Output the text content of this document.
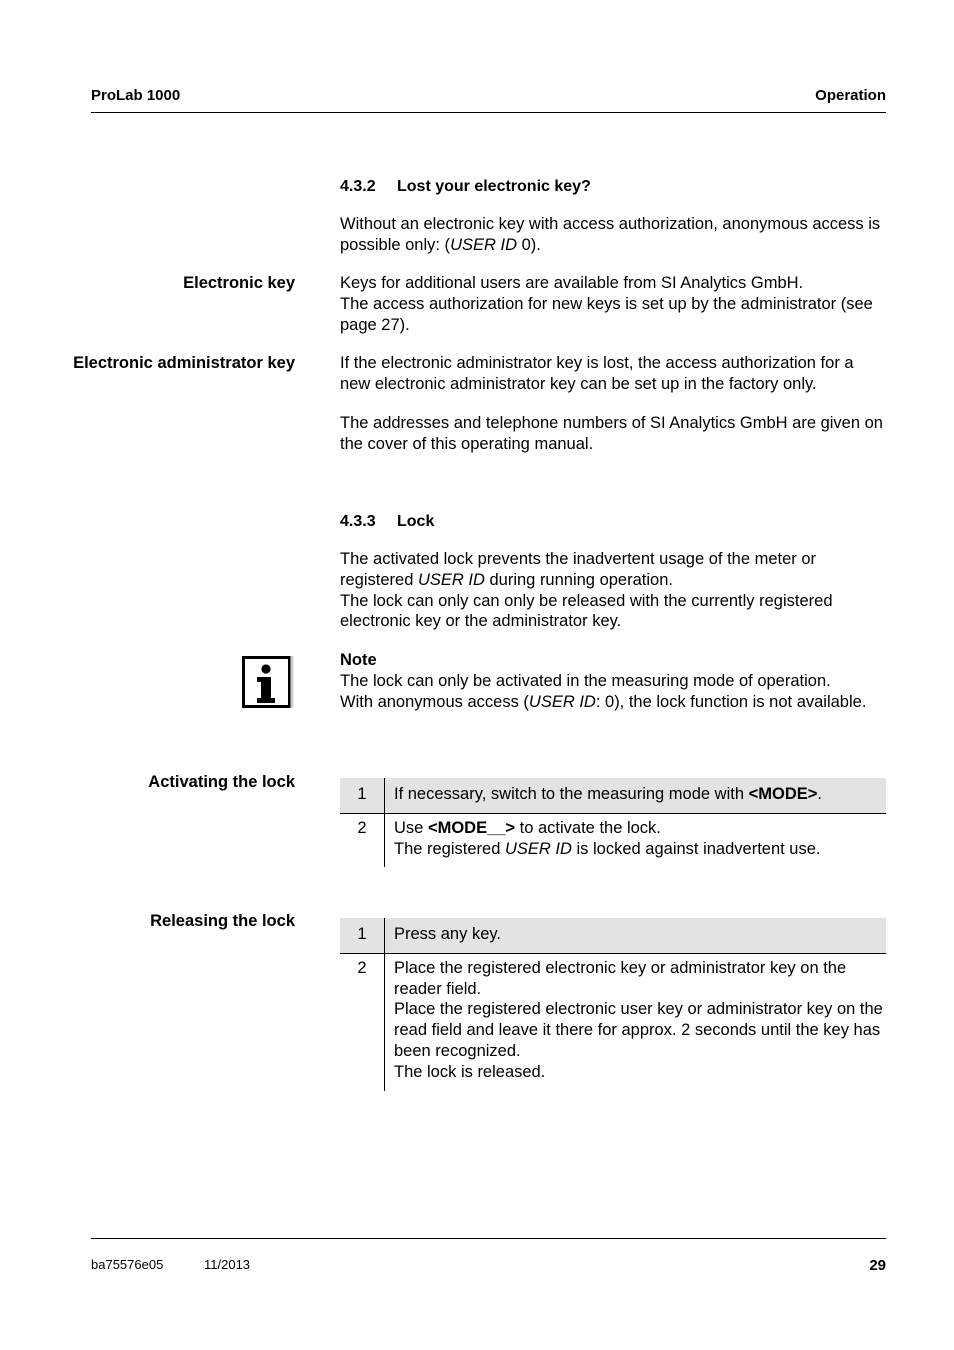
ProLab 1000	Operation
4.3.2 Lost your electronic key?
Without an electronic key with access authorization, anonymous access is possible only: (USER ID 0).
Electronic key	Keys for additional users are available from SI Analytics GmbH.
The access authorization for new keys is set up by the administrator (see page 27).
Electronic administrator key	If the electronic administrator key is lost, the access authorization for a new electronic administrator key can be set up in the factory only.
The addresses and telephone numbers of SI Analytics GmbH are given on the cover of this operating manual.
4.3.3 Lock
The activated lock prevents the inadvertent usage of the meter or registered USER ID during running operation.
The lock can only can only be released with the currently registered electronic key or the administrator key.
Note
The lock can only be activated in the measuring mode of operation.
With anonymous access (USER ID: 0), the lock function is not available.
Activating the lock
1	If necessary, switch to the measuring mode with <MODE>.
2	Use <MODE__> to activate the lock.
The registered USER ID is locked against inadvertent use.
Releasing the lock
1	Press any key.
2	Place the registered electronic key or administrator key on the reader field.
Place the registered electronic user key or administrator key on the read field and leave it there for approx. 2 seconds until the key has been recognized.
The lock is released.
ba75576e05	11/2013	29
